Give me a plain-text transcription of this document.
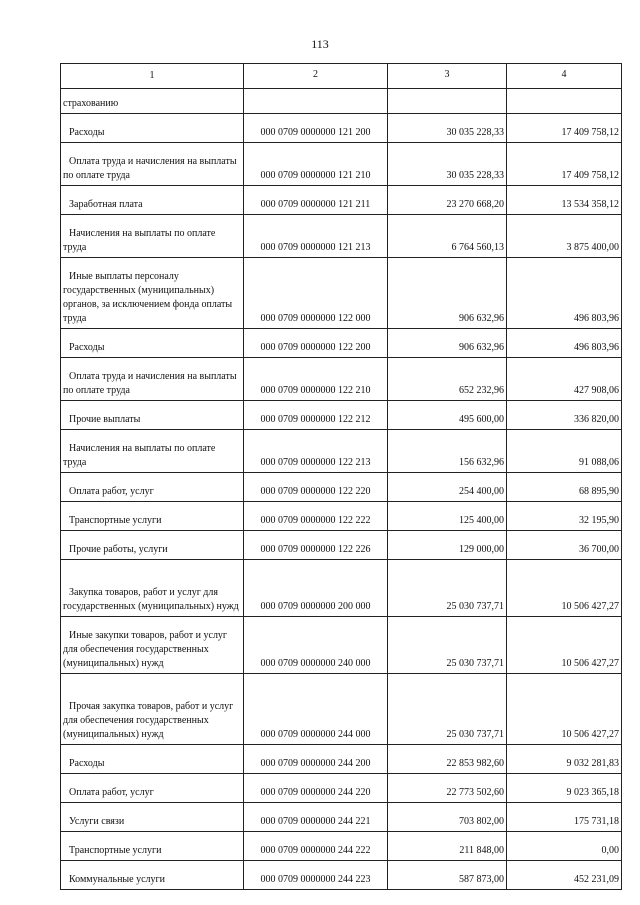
113
1	2	3	4

страхованию			

Расходы	000 0709 0000000 121 200	30 035 228,33	17 409 758,12

Оплата труда и начисления на выплаты по оплате труда	000 0709 0000000 121 210	30 035 228,33	17 409 758,12

Заработная плата	000 0709 0000000 121 211	23 270 668,20	13 534 358,12

Начисления на выплаты по оплате труда	000 0709 0000000 121 213	6 764 560,13	3 875 400,00

Иные выплаты персоналу государственных (муниципальных) органов, за исключением фонда оплаты труда	000 0709 0000000 122 000	906 632,96	496 803,96

Расходы	000 0709 0000000 122 200	906 632,96	496 803,96

Оплата труда и начисления на выплаты по оплате труда	000 0709 0000000 122 210	652 232,96	427 908,06

Прочие выплаты	000 0709 0000000 122 212	495 600,00	336 820,00

Начисления на выплаты по оплате труда	000 0709 0000000 122 213	156 632,96	91 088,06

Оплата работ, услуг	000 0709 0000000 122 220	254 400,00	68 895,90

Транспортные услуги	000 0709 0000000 122 222	125 400,00	32 195,90

Прочие работы, услуги	000 0709 0000000 122 226	129 000,00	36 700,00

Закупка товаров, работ и услуг для государственных (муниципальных) нужд	000 0709 0000000 200 000	25 030 737,71	10 506 427,27

Иные закупки товаров, работ и услуг для обеспечения государственных (муниципальных) нужд	000 0709 0000000 240 000	25 030 737,71	10 506 427,27

Прочая закупка товаров, работ и услуг для обеспечения государственных (муниципальных) нужд	000 0709 0000000 244 000	25 030 737,71	10 506 427,27

Расходы	000 0709 0000000 244 200	22 853 982,60	9 032 281,83

Оплата работ, услуг	000 0709 0000000 244 220	22 773 502,60	9 023 365,18

Услуги связи	000 0709 0000000 244 221	703 802,00	175 731,18

Транспортные услуги	000 0709 0000000 244 222	211 848,00	0,00

Коммунальные услуги	000 0709 0000000 244 223	587 873,00	452 231,09
